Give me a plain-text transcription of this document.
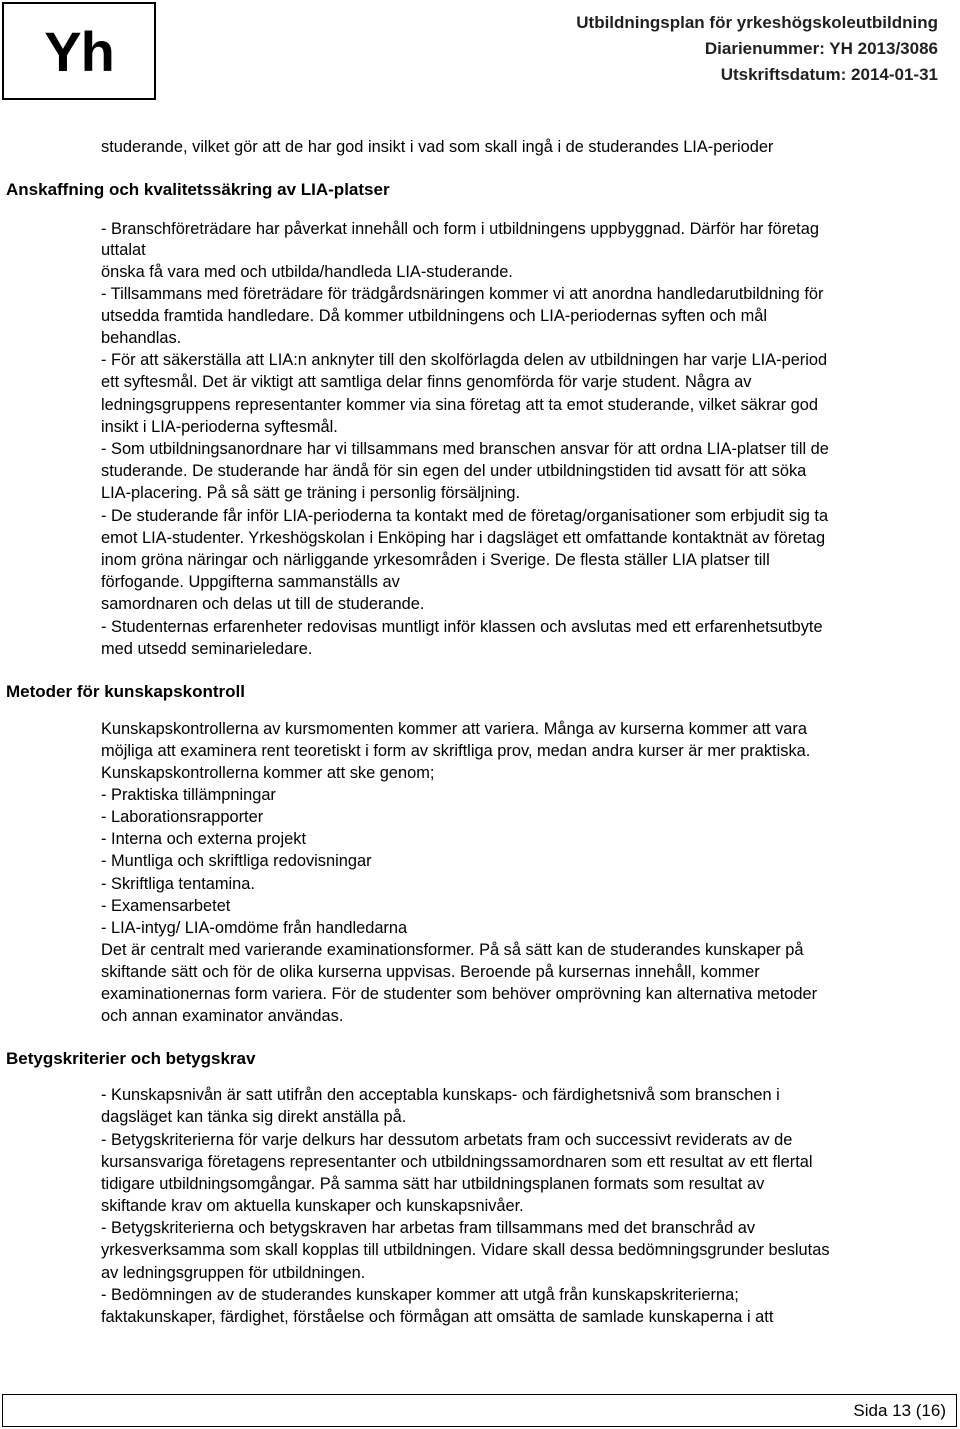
Yh	Utbildningsplan för yrkeshögskoleutbildning
Diarienummer: YH 2013/3086
Utskriftsdatum: 2014-01-31
studerande, vilket gör att de har god insikt i vad som skall ingå i de studerandes LIA-perioder
Anskaffning och kvalitetssäkring av LIA-platser
- Branschföreträdare har påverkat innehåll och form i utbildningens uppbyggnad. Därför har företag
uttalat
önska få vara med och utbilda/handleda LIA-studerande.
- Tillsammans med företrädare för trädgårdsnäringen kommer vi att anordna handledarutbildning för
utsedda framtida handledare. Då kommer utbildningens och LIA-periodernas syften och mål
behandlas.
- För att säkerställa att LIA:n anknyter till den skolförlagda delen av utbildningen har varje LIA-period
ett syftesmål. Det är viktigt att samtliga delar finns genomförda för varje student. Några av
ledningsgruppens representanter kommer via sina företag att ta emot studerande, vilket säkrar god
insikt i LIA-perioderna syftesmål.
- Som utbildningsanordnare har vi tillsammans med branschen ansvar för att ordna LIA-platser till de
studerande. De studerande har ändå för sin egen del under utbildningstiden tid avsatt för att söka
LIA-placering. På så sätt ge träning i personlig försäljning.
- De studerande får inför LIA-perioderna ta kontakt med de företag/organisationer som erbjudit sig ta
emot LIA-studenter. Yrkeshögskolan i Enköping har i dagsläget ett omfattande kontaktnät av företag
inom gröna näringar och närliggande yrkesområden i Sverige. De flesta ställer LIA platser till
förfogande. Uppgifterna sammanställs av
samordnaren och delas ut till de studerande.
- Studenternas erfarenheter redovisas muntligt inför klassen och avslutas med ett erfarenhetsutbyte
med utsedd seminarieledare.
Metoder för kunskapskontroll
Kunskapskontrollerna av kursmomenten kommer att variera. Många av kurserna kommer att vara
möjliga att examinera rent teoretiskt i form av skriftliga prov, medan andra kurser är mer praktiska.
Kunskapskontrollerna kommer att ske genom;
- Praktiska tillämpningar
- Laborationsrapporter
- Interna och externa projekt
- Muntliga och skriftliga redovisningar
- Skriftliga tentamina.
- Examensarbetet
- LIA-intyg/ LIA-omdöme från handledarna
Det är centralt med varierande examinationsformer. På så sätt kan de studerandes kunskaper på
skiftande sätt och för de olika kurserna uppvisas. Beroende på kursernas innehåll, kommer
examinationernas form variera. För de studenter som behöver omprövning kan alternativa metoder
och annan examinator användas.
Betygskriterier och betygskrav
- Kunskapsnivån är satt utifrån den acceptabla kunskaps- och färdighetsnivå som branschen i
dagsläget kan tänka sig direkt anställa på.
- Betygskriterierna för varje delkurs har dessutom arbetats fram och successivt reviderats av de
kursansvariga företagens representanter och utbildningssamordnaren som ett resultat av ett flertal
tidigare utbildningsomgångar. På samma sätt har utbildningsplanen formats som resultat av
skiftande krav om aktuella kunskaper och kunskapsnivåer.
- Betygskriterierna och betygskraven har arbetas fram tillsammans med det branschråd av
yrkesverksamma som skall kopplas till utbildningen. Vidare skall dessa bedömningsgrunder beslutas
av ledningsgruppen för utbildningen.
- Bedömningen av de studerandes kunskaper kommer att utgå från kunskapskriterierna;
faktakunskaper, färdighet, förståelse och förmågan att omsätta de samlade kunskaperna i att
Sida 13 (16)
